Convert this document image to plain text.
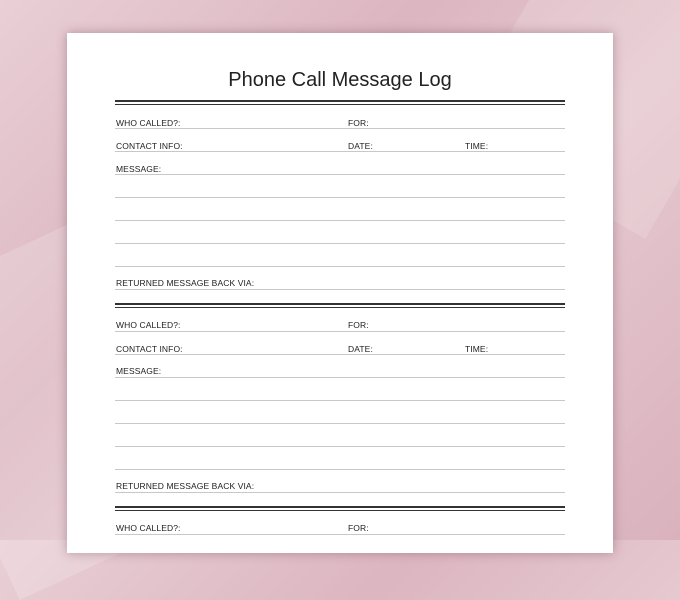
Phone Call Message Log
WHO CALLED?:	FOR:
CONTACT INFO:	DATE:	TIME:
MESSAGE:
RETURNED MESSAGE BACK VIA:
WHO CALLED?:	FOR:
CONTACT INFO:	DATE:	TIME:
MESSAGE:
RETURNED MESSAGE BACK VIA:
WHO CALLED?:	FOR:
